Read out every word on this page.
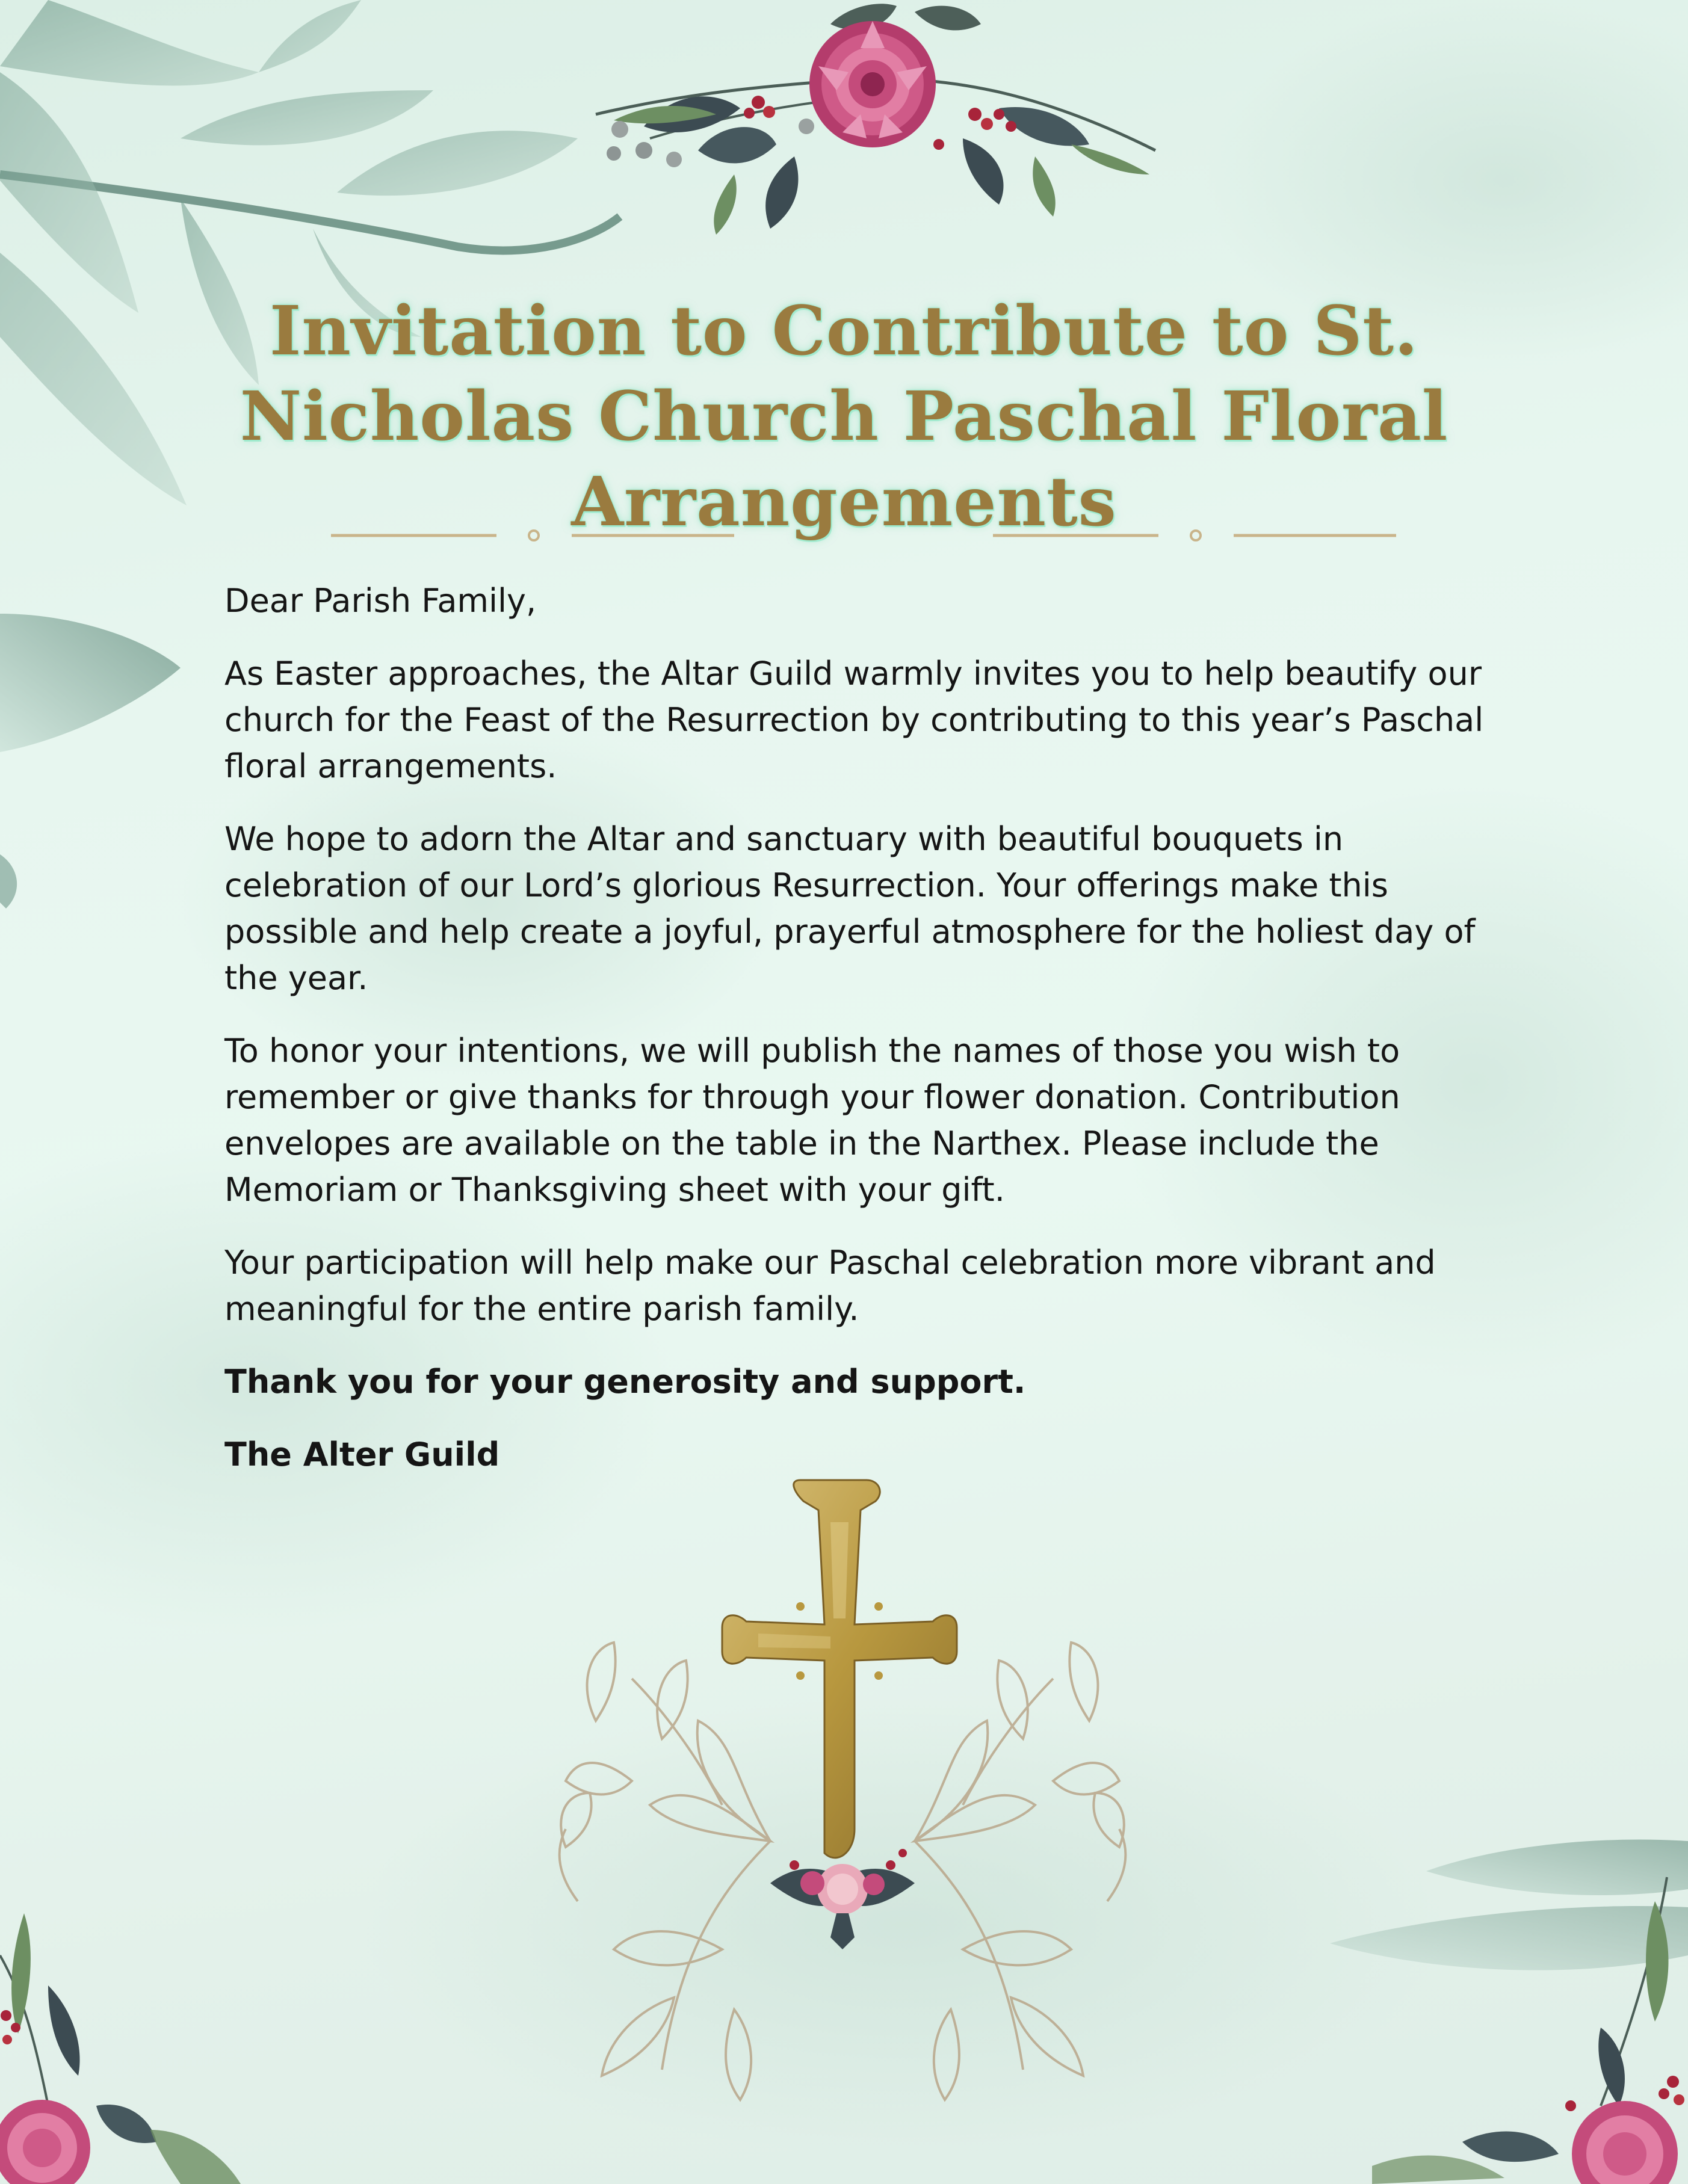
Invitation to Contribute to St. Nicholas Church Paschal Floral Arrangements

Dear Parish Family,

As Easter approaches, the Altar Guild warmly invites you to help beautify our church for the Feast of the Resurrection by contributing to this year’s Paschal floral arrangements.

We hope to adorn the Altar and sanctuary with beautiful bouquets in celebration of our Lord’s glorious Resurrection. Your offerings make this possible and help create a joyful, prayerful atmosphere for the holiest day of the year.

To honor your intentions, we will publish the names of those you wish to remember or give thanks for through your flower donation. Contribution envelopes are available on the table in the Narthex. Please include the Memoriam or Thanksgiving sheet with your gift.

Your participation will help make our Paschal celebration more vibrant and meaningful for the entire parish family.

Thank you for your generosity and support.

The Alter Guild
